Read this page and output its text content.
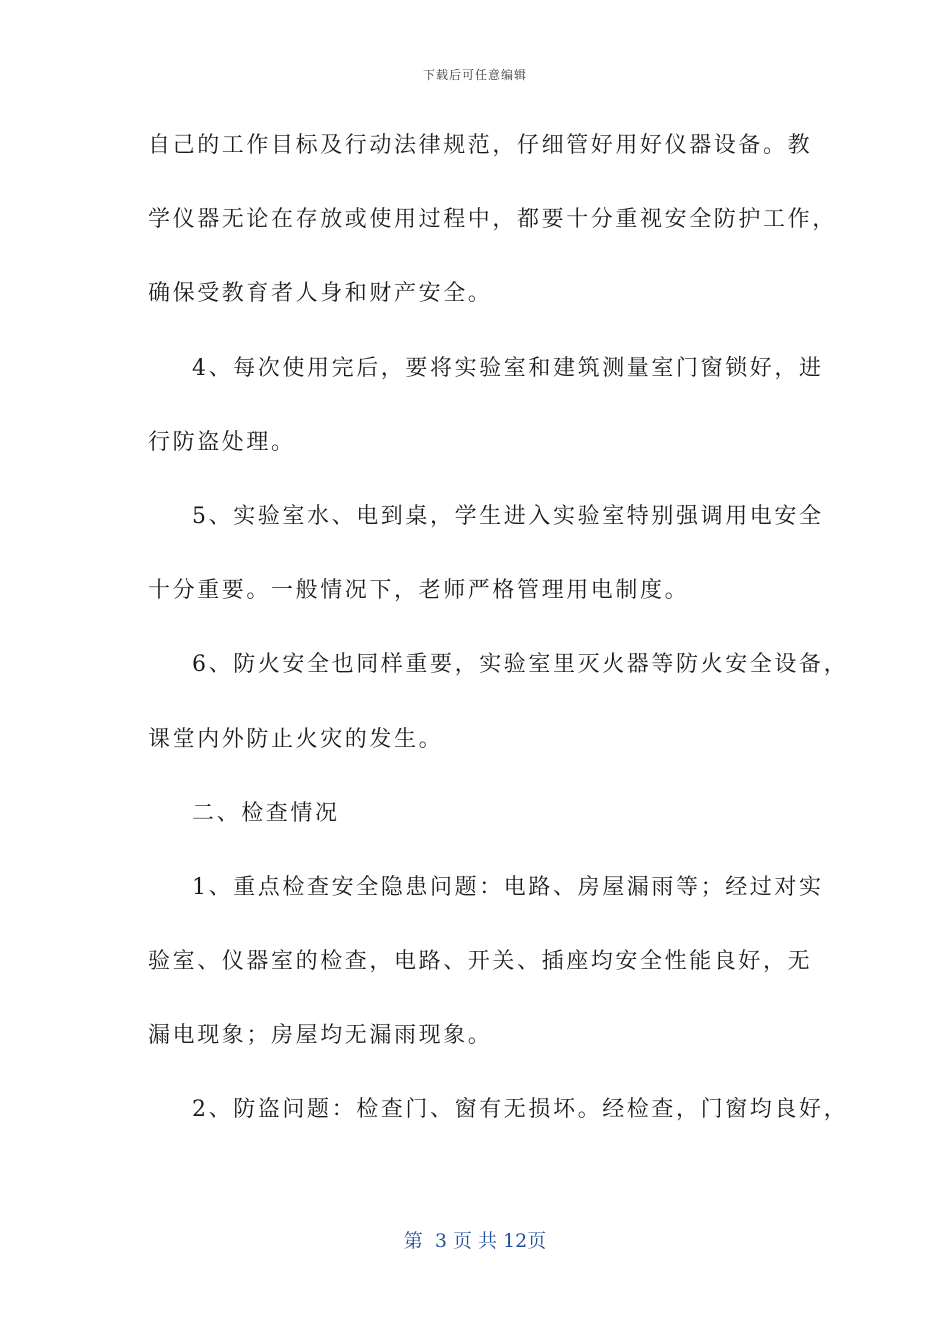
下载后可任意编辑
自己的工作目标及行动法律规范，仔细管好用好仪器设备。教
学仪器无论在存放或使用过程中，都要十分重视安全防护工作，
确保受教育者人身和财产安全。
4、每次使用完后，要将实验室和建筑测量室门窗锁好，进
行防盗处理。
5、实验室水、电到桌，学生进入实验室特别强调用电安全
十分重要。一般情况下，老师严格管理用电制度。
6、防火安全也同样重要，实验室里灭火器等防火安全设备，
课堂内外防止火灾的发生。
二、检查情况
1、重点检查安全隐患问题：电路、房屋漏雨等；经过对实
验室、仪器室的检查，电路、开关、插座均安全性能良好，无
漏电现象；房屋均无漏雨现象。
2、防盗问题：检查门、窗有无损坏。经检查，门窗均良好，
第  3 页 共 12页
